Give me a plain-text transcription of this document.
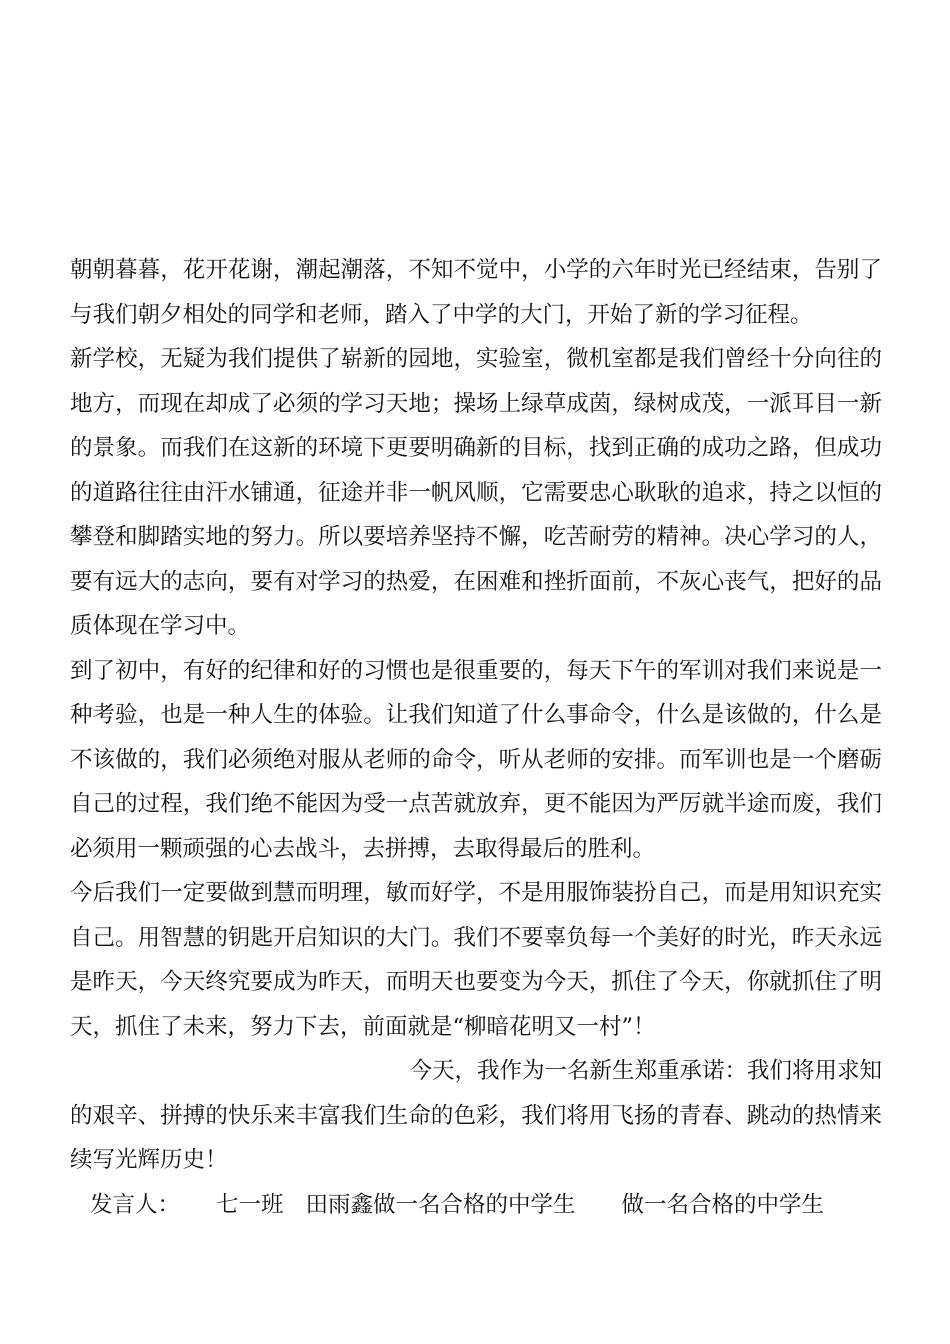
朝朝暮暮，花开花谢，潮起潮落，不知不觉中，小学的六年时光已经结束，告别了
与我们朝夕相处的同学和老师，踏入了中学的大门，开始了新的学习征程。
新学校，无疑为我们提供了崭新的园地，实验室，微机室都是我们曾经十分向往的
地方，而现在却成了必须的学习天地；操场上绿草成茵，绿树成茂，一派耳目一新
的景象。而我们在这新的环境下更要明确新的目标，找到正确的成功之路，但成功
的道路往往由汗水铺通，征途并非一帆风顺，它需要忠心耿耿的追求，持之以恒的
攀登和脚踏实地的努力。所以要培养坚持不懈，吃苦耐劳的精神。决心学习的人，
要有远大的志向，要有对学习的热爱，在困难和挫折面前，不灰心丧气，把好的品
质体现在学习中。
到了初中，有好的纪律和好的习惯也是很重要的，每天下午的军训对我们来说是一
种考验，也是一种人生的体验。让我们知道了什么事命令，什么是该做的，什么是
不该做的，我们必须绝对服从老师的命令，听从老师的安排。而军训也是一个磨砺
自己的过程，我们绝不能因为受一点苦就放弃，更不能因为严厉就半途而废，我们
必须用一颗顽强的心去战斗，去拼搏，去取得最后的胜利。
今后我们一定要做到慧而明理，敏而好学，不是用服饰装扮自己，而是用知识充实
自己。用智慧的钥匙开启知识的大门。我们不要辜负每一个美好的时光，昨天永远
是昨天，今天终究要成为昨天，而明天也要变为今天，抓住了今天，你就抓住了明
天，抓住了未来，努力下去，前面就是“柳暗花明又一村”！
今天，我作为一名新生郑重承诺：我们将用求知
的艰辛、拼搏的快乐来丰富我们生命的色彩，我们将用飞扬的青春、跳动的热情来
续写光辉历史！
发言人： 七一班 田雨鑫做一名合格的中学生 做一名合格的中学生
